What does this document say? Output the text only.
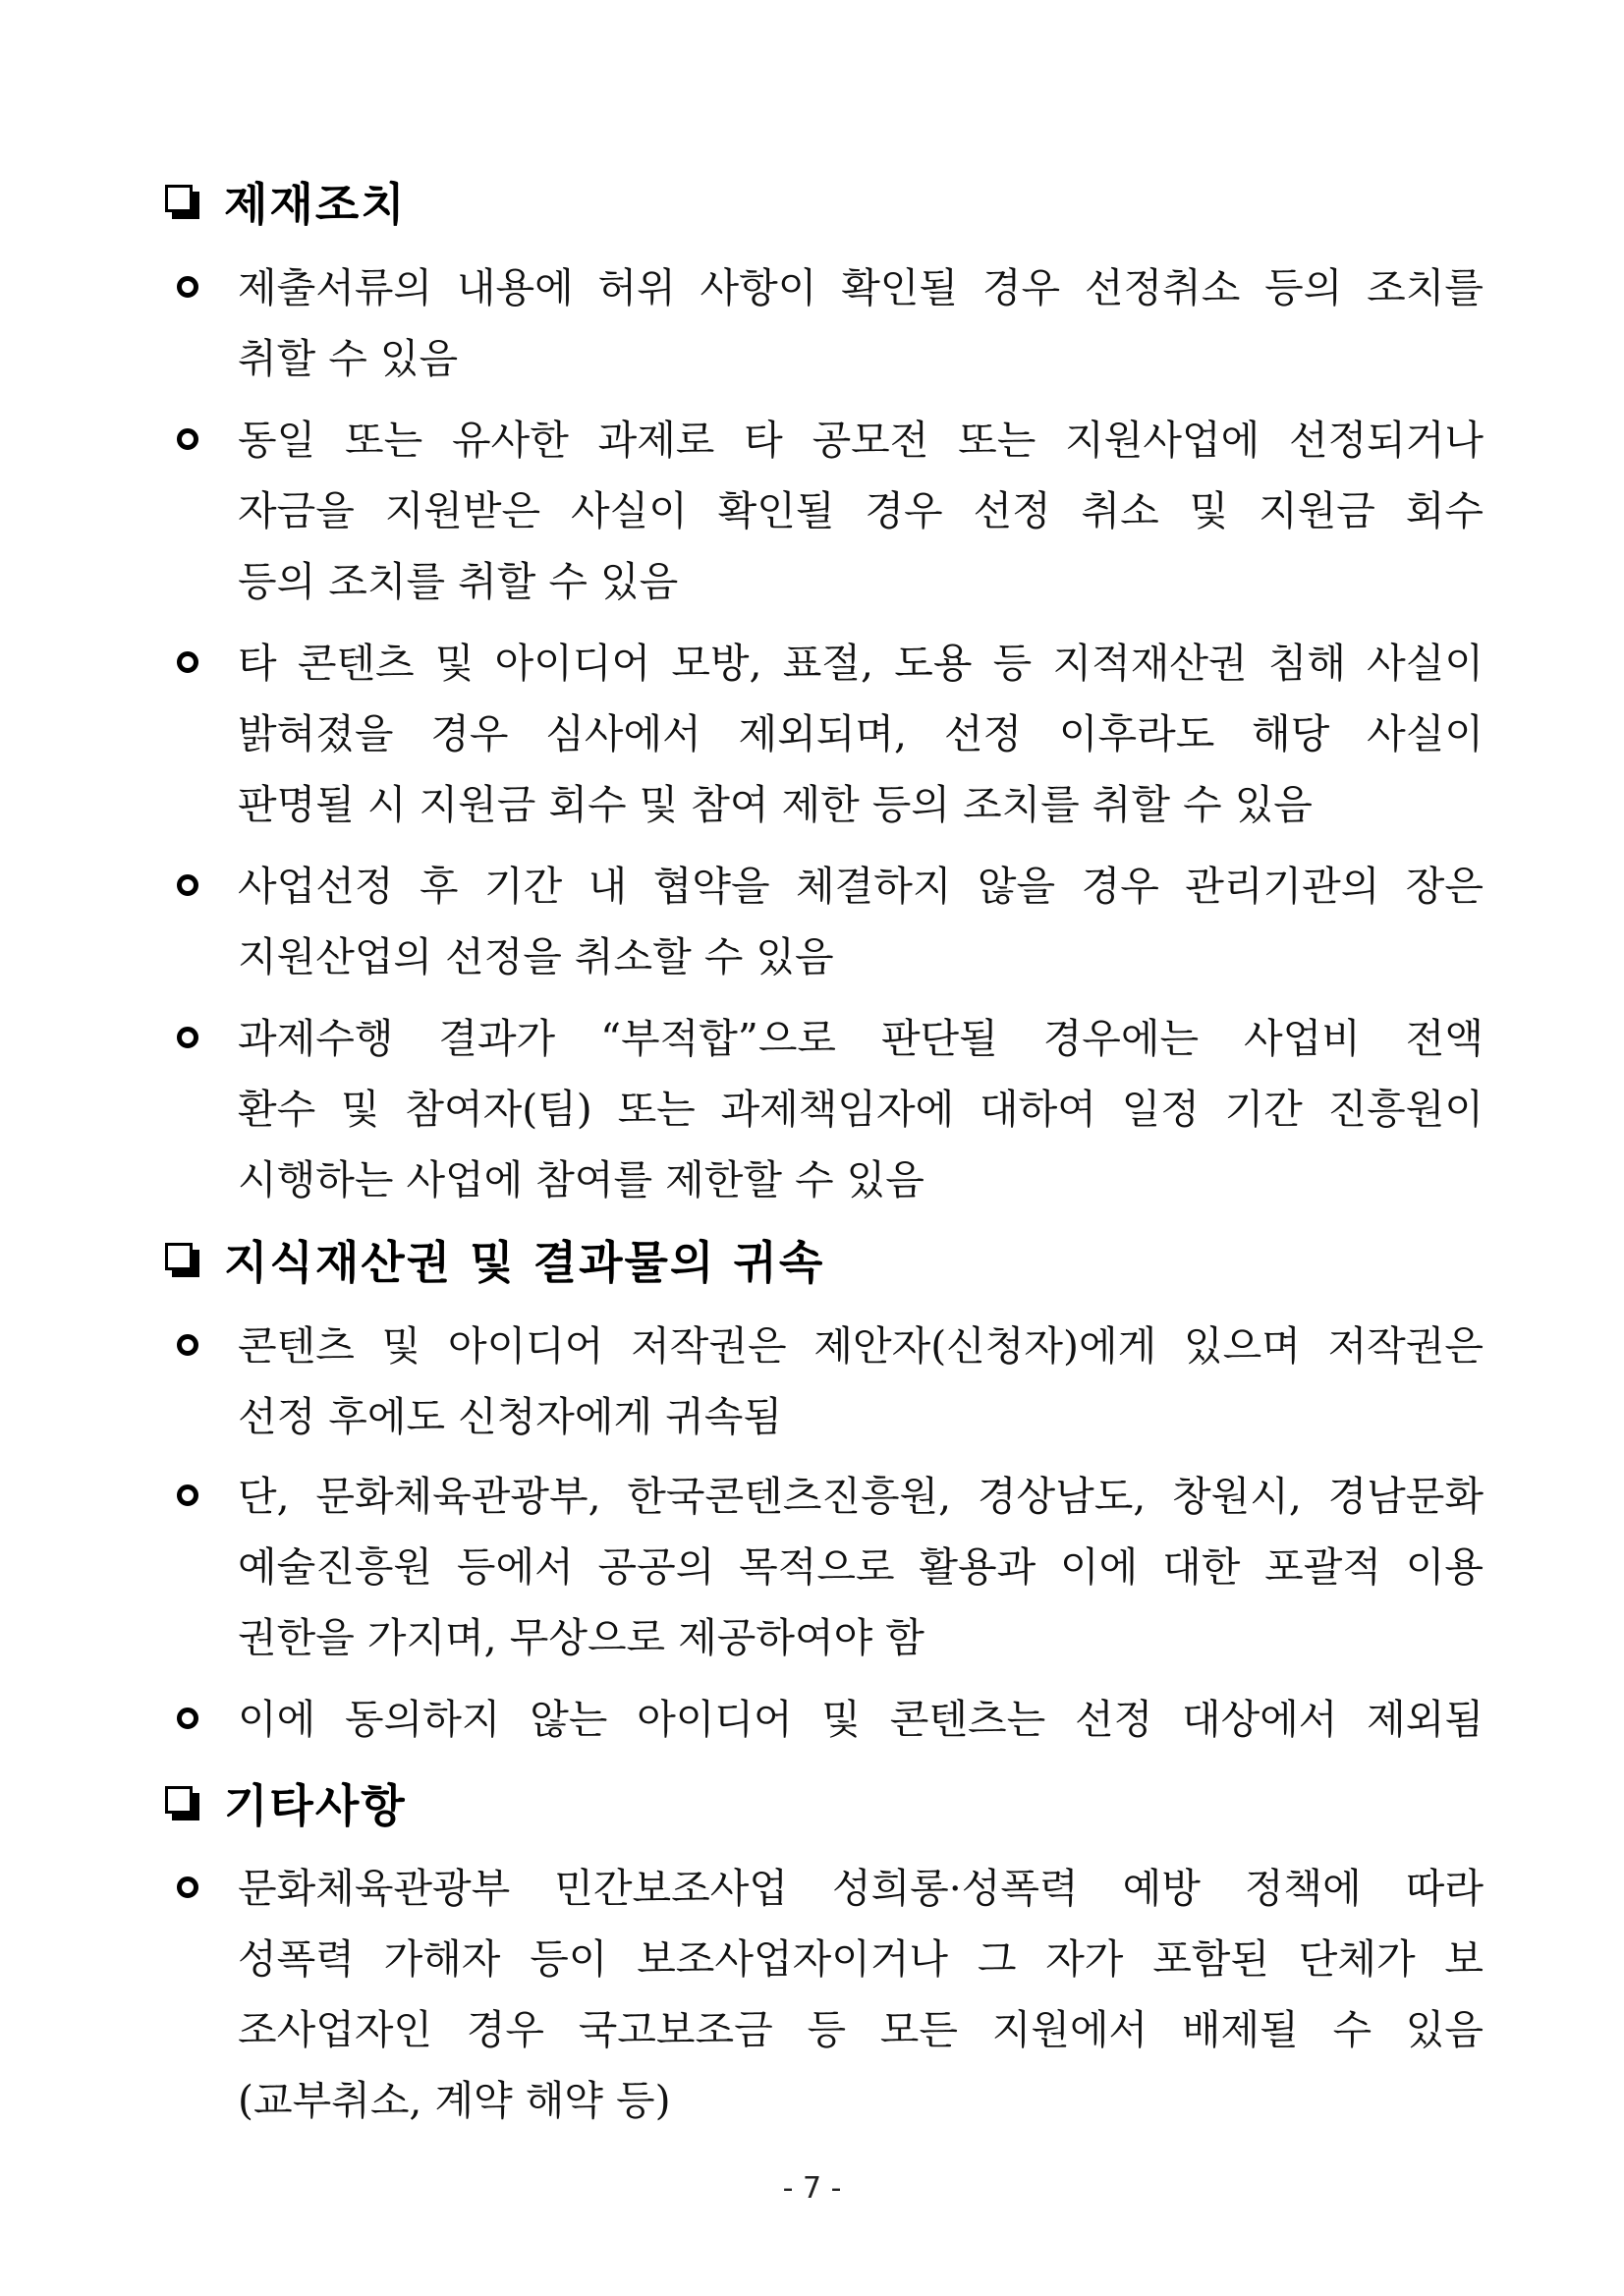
제재조치
제출서류의 내용에 허위 사항이 확인될 경우 선정취소 등의 조치를
취할 수 있음
동일 또는 유사한 과제로 타 공모전 또는 지원사업에 선정되거나
자금을 지원받은 사실이 확인될 경우 선정 취소 및 지원금 회수
등의 조치를 취할 수 있음
타 콘텐츠 및 아이디어 모방, 표절, 도용 등 지적재산권 침해 사실이
밝혀졌을 경우 심사에서 제외되며, 선정 이후라도 해당 사실이
판명될 시 지원금 회수 및 참여 제한 등의 조치를 취할 수 있음
사업선정 후 기간 내 협약을 체결하지 않을 경우 관리기관의 장은
지원산업의 선정을 취소할 수 있음
과제수행 결과가 “부적합”으로 판단될 경우에는 사업비 전액
환수 및 참여자(팀) 또는 과제책임자에 대하여 일정 기간 진흥원이
시행하는 사업에 참여를 제한할 수 있음
지식재산권 및 결과물의 귀속
콘텐츠 및 아이디어 저작권은 제안자(신청자)에게 있으며 저작권은
선정 후에도 신청자에게 귀속됨
단, 문화체육관광부, 한국콘텐츠진흥원, 경상남도, 창원시, 경남문화
예술진흥원 등에서 공공의 목적으로 활용과 이에 대한 포괄적 이용
권한을 가지며, 무상으로 제공하여야 함
이에 동의하지 않는 아이디어 및 콘텐츠는 선정 대상에서 제외됨
기타사항
문화체육관광부 민간보조사업 성희롱·성폭력 예방 정책에 따라
성폭력 가해자 등이 보조사업자이거나 그 자가 포함된 단체가 보
조사업자인 경우 국고보조금 등 모든 지원에서 배제될 수 있음
(교부취소, 계약 해약 등)
- 7 -
